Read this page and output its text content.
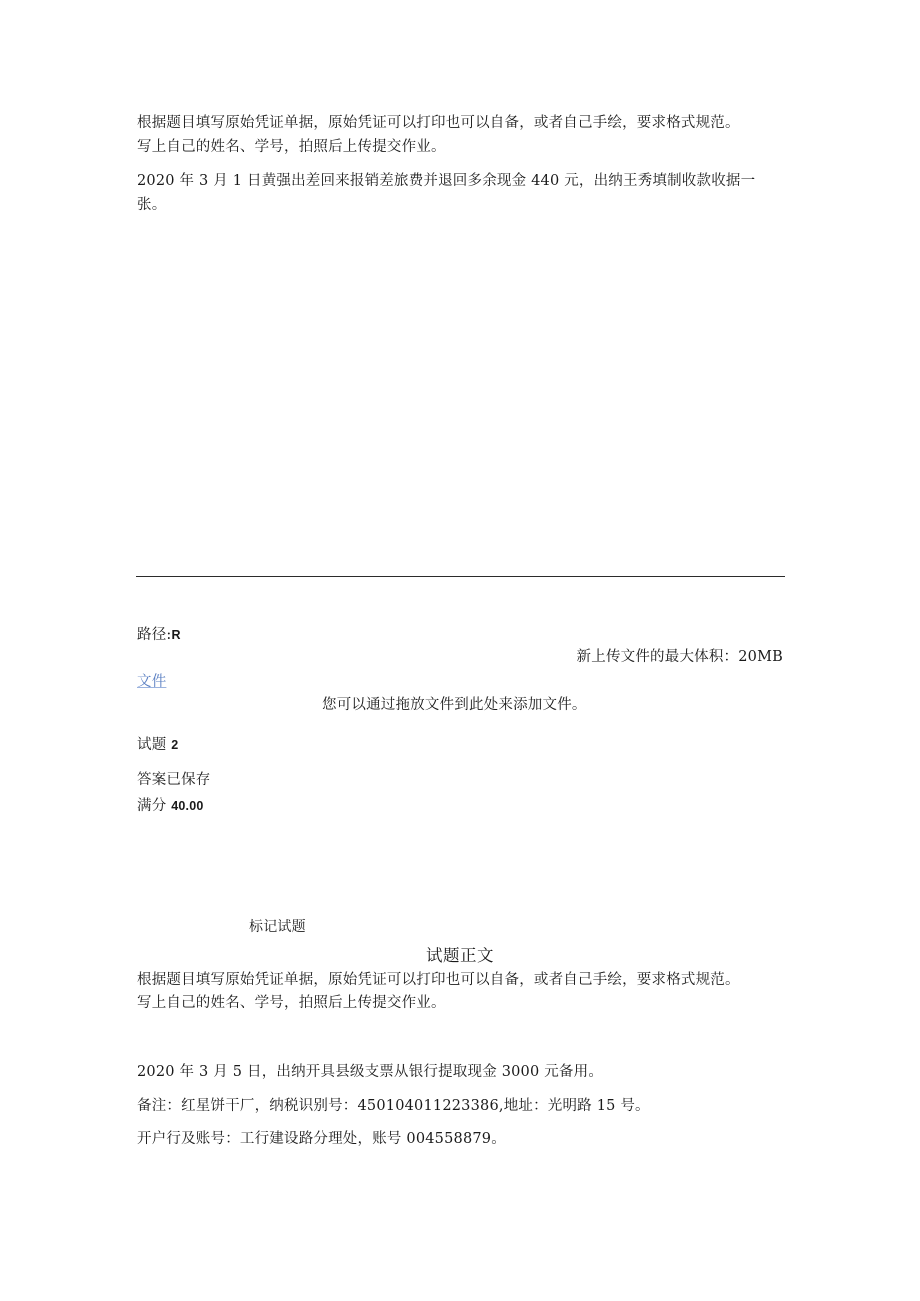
根据题目填写原始凭证单据，原始凭证可以打印也可以自备，或者自己手绘，要求格式规范。
写上自己的姓名、学号，拍照后上传提交作业。
2020 年 3 月 1 日黄强出差回来报销差旅费并退回多余现金 440 元，出纳王秀填制收款收据一
张。
路径:R
新上传文件的最大体积：20MB
文件
您可以通过拖放文件到此处来添加文件。
试题 2
答案已保存
满分 40.00
标记试题
试题正文
根据题目填写原始凭证单据，原始凭证可以打印也可以自备，或者自己手绘，要求格式规范。
写上自己的姓名、学号，拍照后上传提交作业。
2020 年 3 月 5 日，出纳开具县级支票从银行提取现金 3000 元备用。
备注：红星饼干厂，纳税识别号：450104011223386,地址：光明路 15 号。
开户行及账号：工行建设路分理处，账号 004558879。
